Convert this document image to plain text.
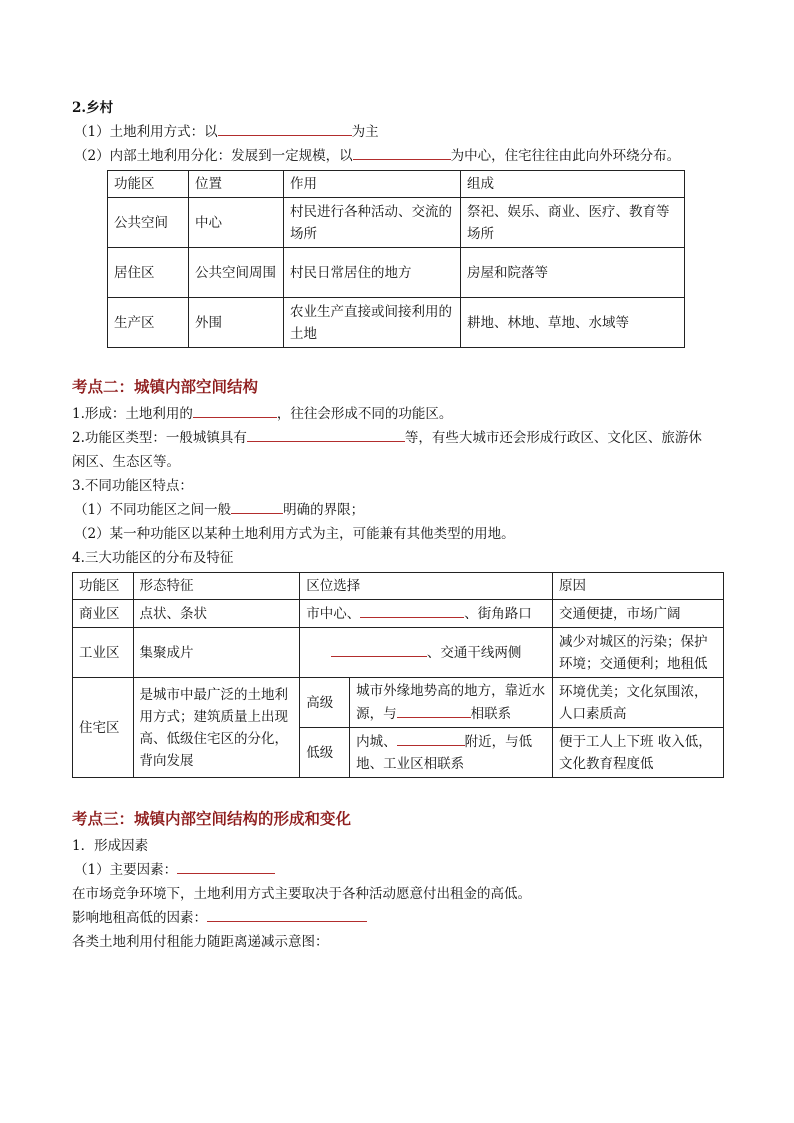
2.乡村
（1）土地利用方式：以	为主
（2）内部土地利用分化：发展到一定规模，以	为中心，住宅往往由此向外环绕分布。
功能区	位置	作用	组成
公共空间	中心	村民进行各种活动、交流的场所	祭祀、娱乐、商业、医疗、教育等场所
居住区	公共空间周围	村民日常居住的地方	房屋和院落等
生产区	外围	农业生产直接或间接利用的土地	耕地、林地、草地、水域等
考点二：城镇内部空间结构
1.形成：土地利用的	，往往会形成不同的功能区。
2.功能区类型：一般城镇具有	等，有些大城市还会形成行政区、文化区、旅游休
闲区、生态区等。
3.不同功能区特点：
（1）不同功能区之间一般	明确的界限；
（2）某一种功能区以某种土地利用方式为主，可能兼有其他类型的用地。
4.三大功能区的分布及特征
功能区	形态特征	区位选择		原因
商业区	点状、条状	市中心、 、街角路口		交通便捷，市场广阔
工业区	集聚成片	、交通干线两侧		减少对城区的污染；保护环境；交通便利；地租低
住宅区	是城市中最广泛的土地利用方式；建筑质量上出现高、低级住宅区的分化，背向发展	高级	城市外缘地势高的地方，靠近水源，与 相联系	环境优美；文化氛围浓，人口素质高
		低级	内城、 附近，与低地、工业区相联系	便于工人上下班 收入低，文化教育程度低
考点三：城镇内部空间结构的形成和变化
1．形成因素
（1）主要因素：
在市场竞争环境下，土地利用方式主要取决于各种活动愿意付出租金的高低。
影响地租高低的因素：
各类土地利用付租能力随距离递减示意图：
